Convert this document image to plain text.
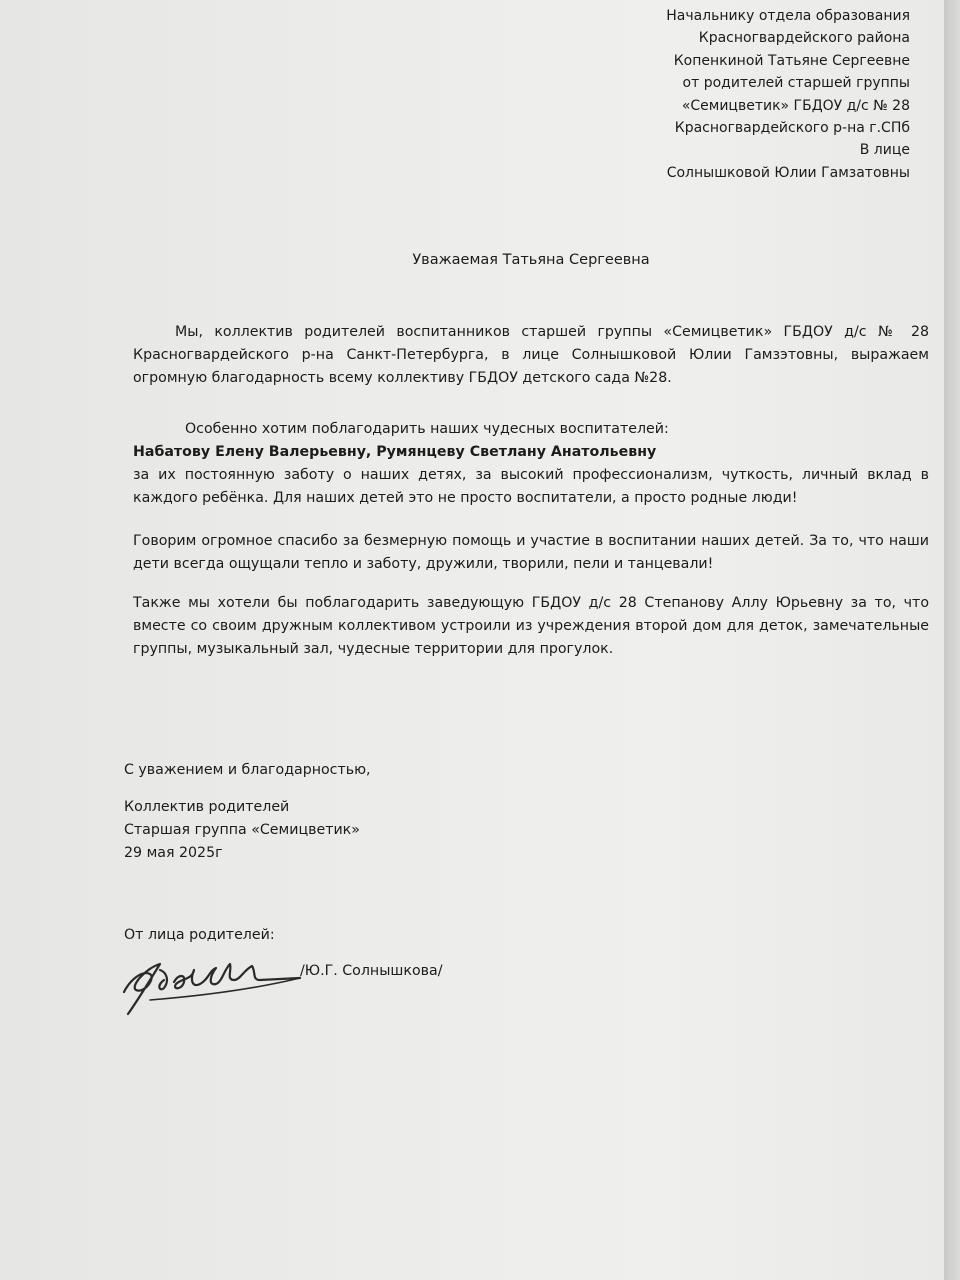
Начальнику отдела образования
Красногвардейского района
Копенкиной Татьяне Сергеевне
от родителей старшей группы
«Семицветик» ГБДОУ д/с № 28
Красногвардейского р-на г.СПб
В лице
Солнышковой Юлии Гамзатовны
Уважаемая Татьяна Сергеевна
Мы, коллектив родителей воспитанников старшей группы «Семицветик» ГБДОУ д/с № 28 Красногвардейского р-на Санкт-Петербурга, в лице Солнышковой Юлии Гамзэтовны, выражаем огромную благодарность всему коллективу ГБДОУ детского сада №28.
Особенно хотим поблагодарить наших чудесных воспитателей:
Набатову Елену Валерьевну, Румянцеву Светлану Анатольевну
за их постоянную заботу о наших детях, за высокий профессионализм, чуткость, личный вклад в каждого ребёнка. Для наших детей это не просто воспитатели, а просто родные люди!
Говорим огромное спасибо за безмерную помощь и участие в воспитании наших детей. За то, что наши дети всегда ощущали тепло и заботу, дружили, творили, пели и танцевали!
Также мы хотели бы поблагодарить заведующую ГБДОУ д/с 28 Степанову Аллу Юрьевну за то, что вместе со своим дружным коллективом устроили из учреждения второй дом для деток, замечательные группы, музыкальный зал, чудесные территории для прогулок.
С уважением и благодарностью,
Коллектив родителей
Старшая группа «Семицветик»
29 мая 2025г
От лица родителей:
/Ю.Г. Солнышкова/
